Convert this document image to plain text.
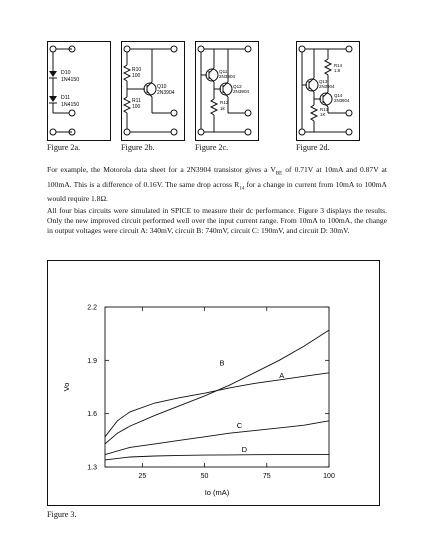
D10
1N4150
D11
1N4150
Figure 2a.
R10
100
R11
100
Q10
2N3904
Figure 2b.
Q11
2N3904
Q12
2N3904
R12
1k
Figure 2c.
R14
1.8
Q13
2N3904
Q14
2N3904
R13
1K
Figure 2d.

For example, the Motorola data sheet for a 2N3904 transistor gives a $V_{BE}$ of 0.71V at 10mA and 0.87V at 100mA. This is a difference of 0.16V. The same drop across $R_{14}$ for a change in current from 10mA to 100mA would require 1.8Ω.

All four bias circuits were simulated in SPICE to measure their dc performance. Figure 3 displays the results. Only the new improved circuit performed well over the input current range. From 10mA to 100mA, the change in output voltages were circuit A: 340mV, circuit B: 740mV, circuit C: 190mV, and circuit D: 30mV.

1.3
1.6
1.9
2.2
25	50	75	100
Io (mA)
Vo
A
B
C
D
Figure 3.
